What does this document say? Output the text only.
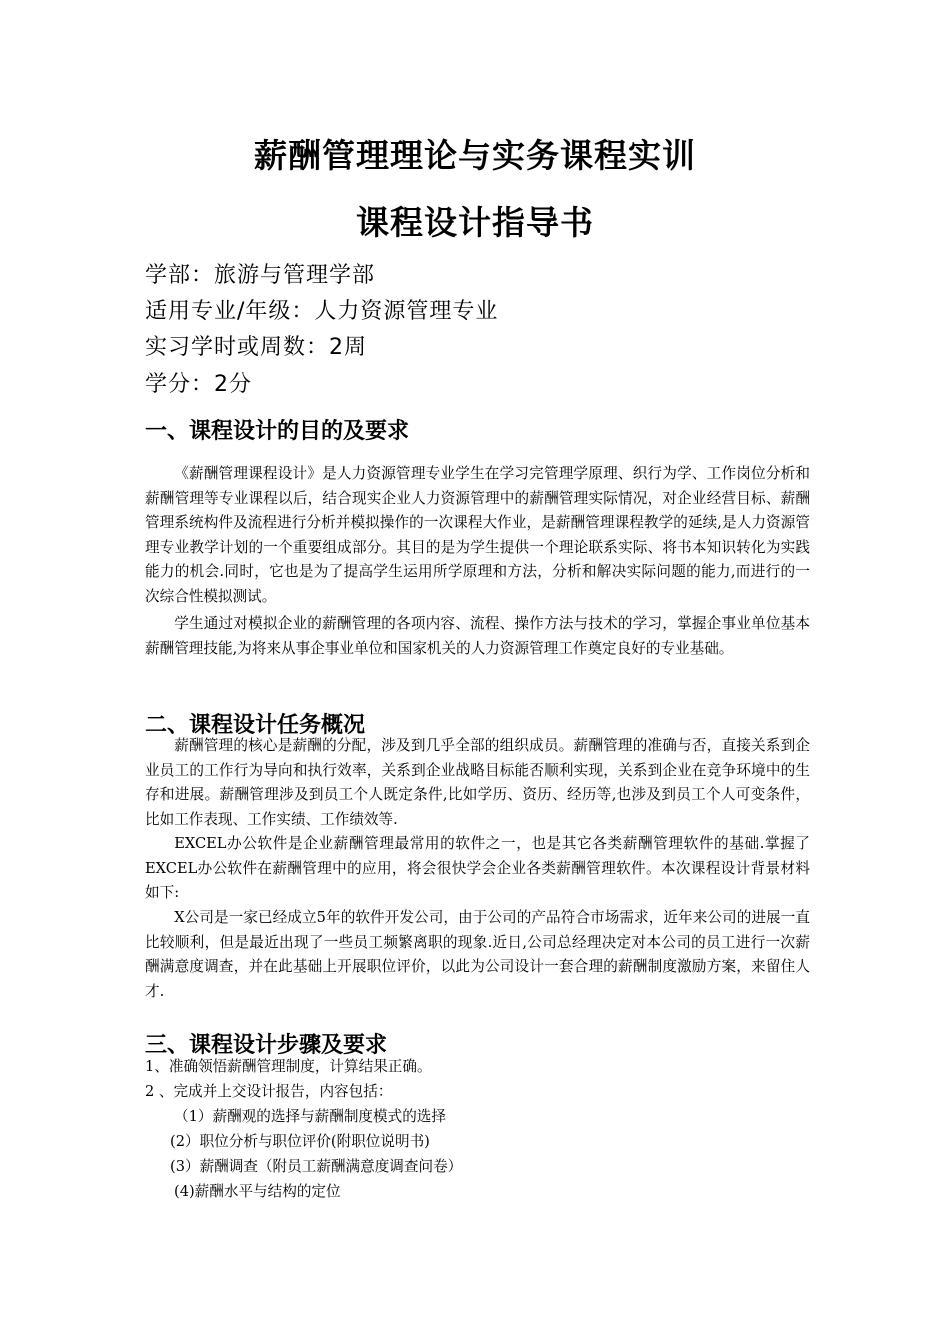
薪酬管理理论与实务课程实训
课程设计指导书
学部：旅游与管理学部
适用专业/年级：人力资源管理专业
实习学时或周数：2周
学分：2分
一、课程设计的目的及要求
《薪酬管理课程设计》是人力资源管理专业学生在学习完管理学原理、织行为学、工作岗位分析和薪酬管理等专业课程以后，结合现实企业人力资源管理中的薪酬管理实际情况，对企业经营目标、薪酬管理系统构件及流程进行分析并模拟操作的一次课程大作业，是薪酬管理课程教学的延续,是人力资源管理专业教学计划的一个重要组成部分。其目的是为学生提供一个理论联系实际、将书本知识转化为实践能力的机会.同时，它也是为了提高学生运用所学原理和方法，分析和解决实际问题的能力,而进行的一次综合性模拟测试。
学生通过对模拟企业的薪酬管理的各项内容、流程、操作方法与技术的学习，掌握企事业单位基本薪酬管理技能,为将来从事企事业单位和国家机关的人力资源管理工作奠定良好的专业基础。
二、课程设计任务概况
薪酬管理的核心是薪酬的分配，涉及到几乎全部的组织成员。薪酬管理的准确与否，直接关系到企业员工的工作行为导向和执行效率，关系到企业战略目标能否顺利实现，关系到企业在竞争环境中的生存和进展。薪酬管理涉及到员工个人既定条件,比如学历、资历、经历等,也涉及到员工个人可变条件，比如工作表现、工作实绩、工作绩效等.
EXCEL办公软件是企业薪酬管理最常用的软件之一，也是其它各类薪酬管理软件的基础.掌握了EXCEL办公软件在薪酬管理中的应用，将会很快学会企业各类薪酬管理软件。本次课程设计背景材料如下:
X公司是一家已经成立5年的软件开发公司，由于公司的产品符合市场需求，近年来公司的进展一直比较顺利，但是最近出现了一些员工频繁离职的现象.近日,公司总经理决定对本公司的员工进行一次薪酬满意度调查，并在此基础上开展职位评价，以此为公司设计一套合理的薪酬制度激励方案，来留住人才.
三、课程设计步骤及要求
1、准确领悟薪酬管理制度，计算结果正确。
2 、完成并上交设计报告，内容包括：
（1）薪酬观的选择与薪酬制度模式的选择
(2）职位分析与职位评价(附职位说明书)
(3）薪酬调查（附员工薪酬满意度调查问卷）
(4)薪酬水平与结构的定位
